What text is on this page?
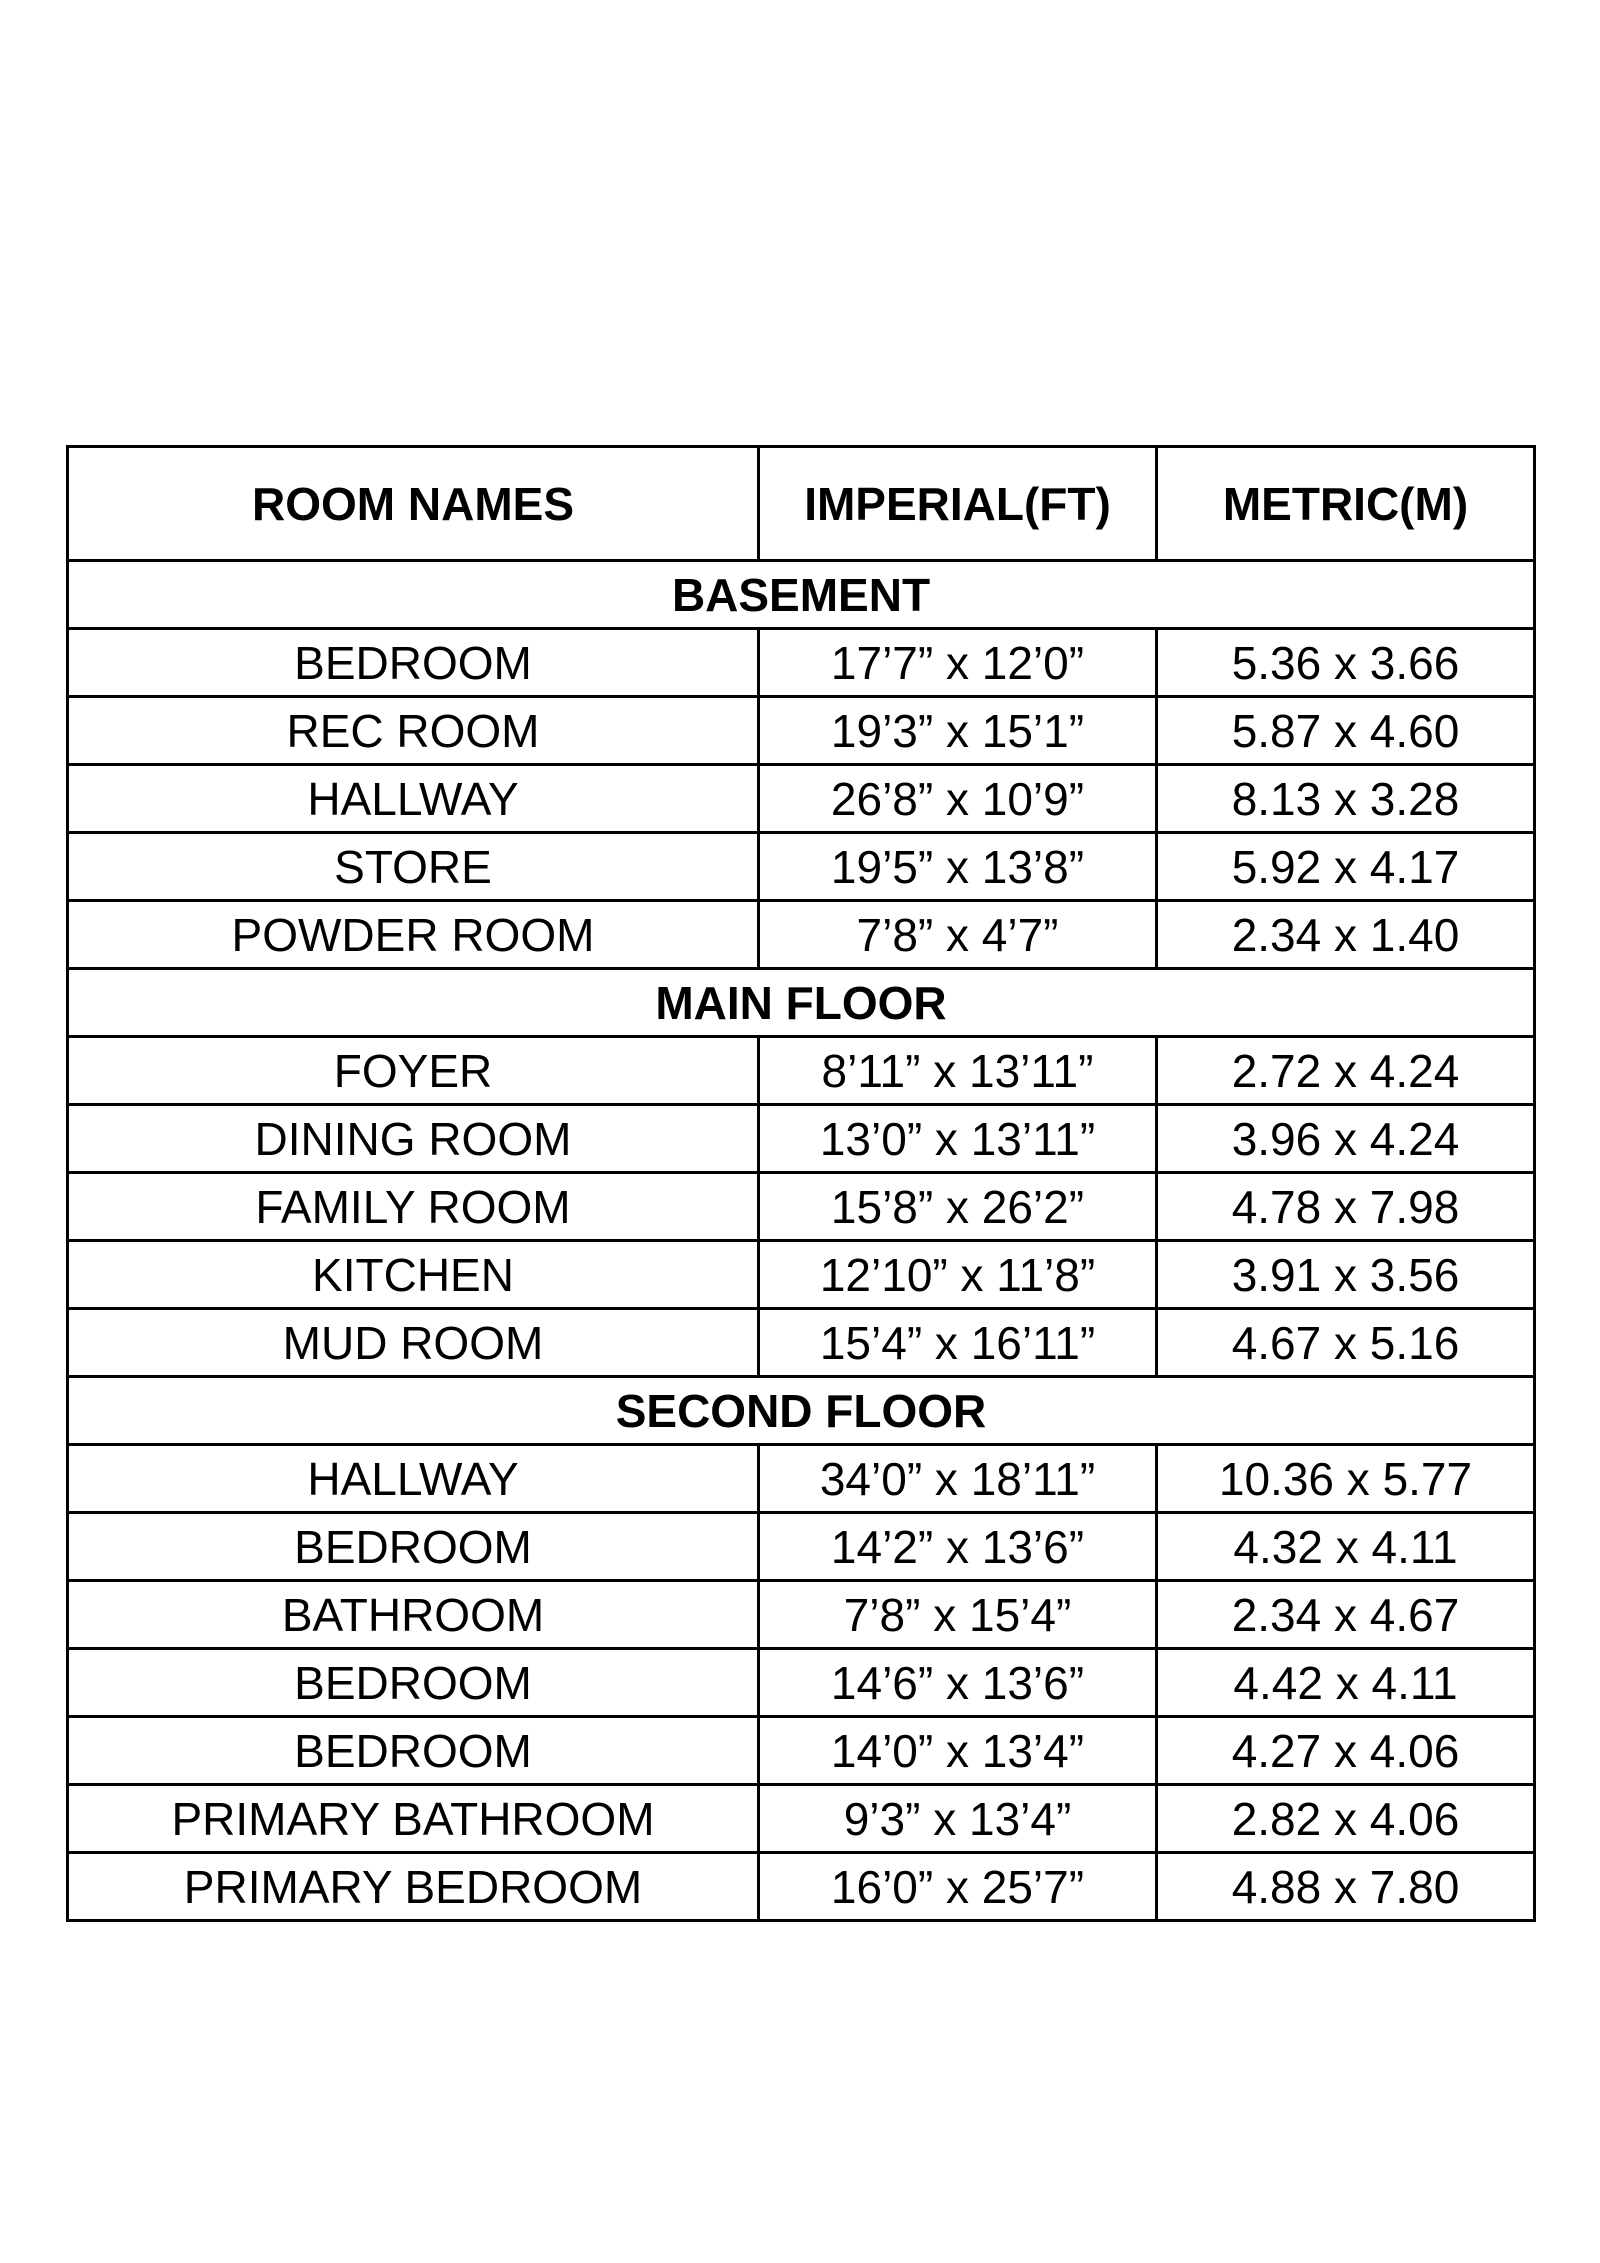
ROOM NAMES	IMPERIAL(FT)	METRIC(M)
BASEMENT		
BEDROOM	17’7” x 12’0”	5.36 x 3.66
REC ROOM	19’3” x 15’1”	5.87 x 4.60
HALLWAY	26’8” x 10’9”	8.13 x 3.28
STORE	19’5” x 13’8”	5.92 x 4.17
POWDER ROOM	7’8” x 4’7”	2.34 x 1.40
MAIN FLOOR		
FOYER	8’11” x 13’11”	2.72 x 4.24
DINING ROOM	13’0” x 13’11”	3.96 x 4.24
FAMILY ROOM	15’8” x 26’2”	4.78 x 7.98
KITCHEN	12’10” x 11’8”	3.91 x 3.56
MUD ROOM	15’4” x 16’11”	4.67 x 5.16
SECOND FLOOR		
HALLWAY	34’0” x 18’11”	10.36 x 5.77
BEDROOM	14’2” x 13’6”	4.32 x 4.11
BATHROOM	7’8” x 15’4”	2.34 x 4.67
BEDROOM	14’6” x 13’6”	4.42 x 4.11
BEDROOM	14’0” x 13’4”	4.27 x 4.06
PRIMARY BATHROOM	9’3” x 13’4”	2.82 x 4.06
PRIMARY BEDROOM	16’0” x 25’7”	4.88 x 7.80
